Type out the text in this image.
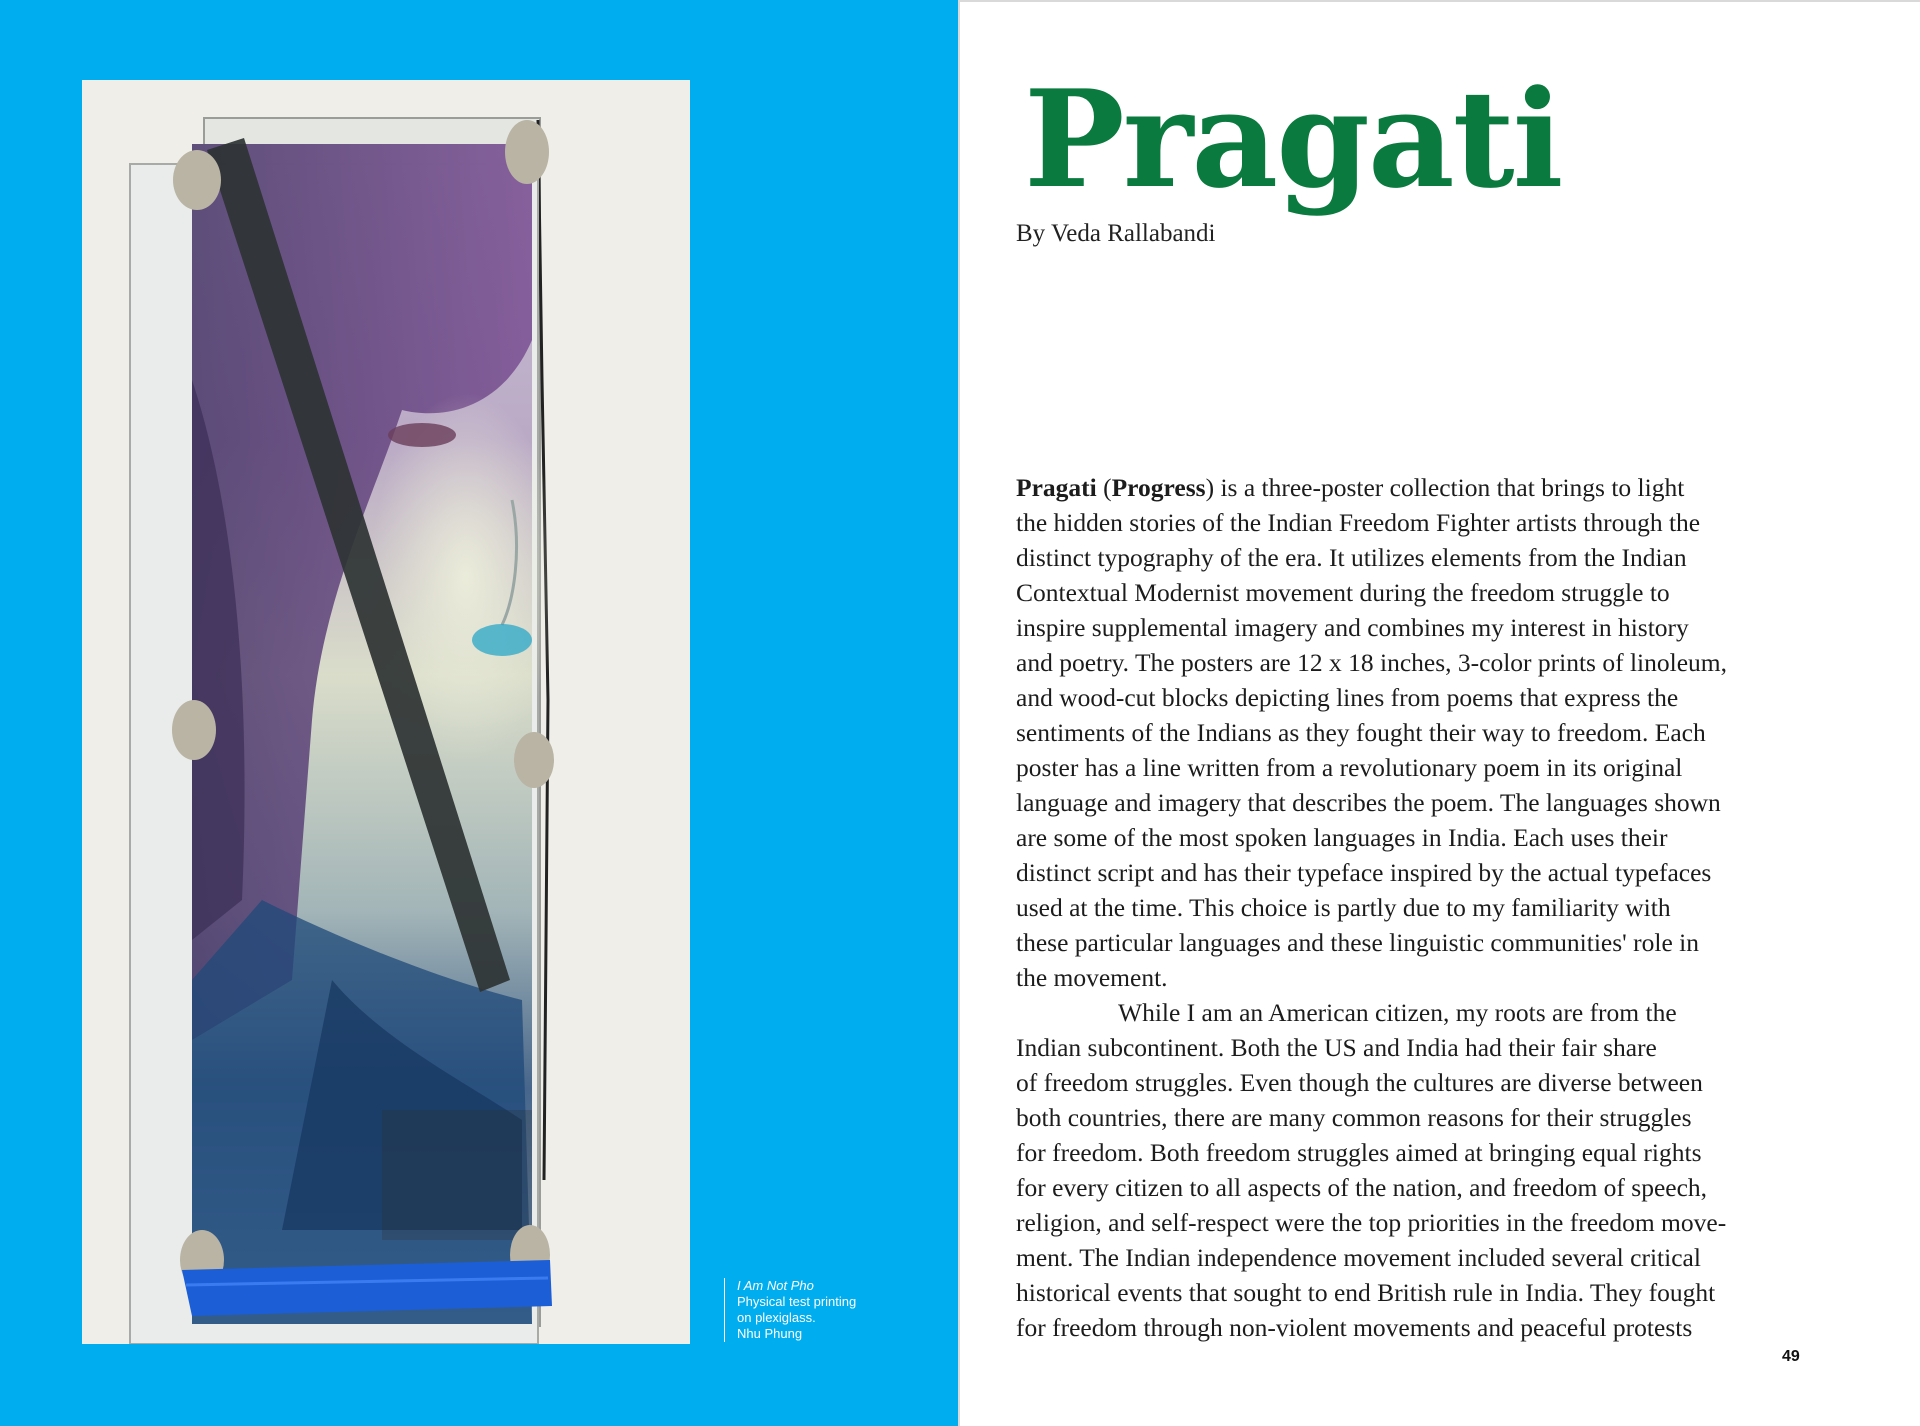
I Am Not Pho
Physical test printing
on plexiglass.
Nhu Phung
Pragati
By Veda Rallabandi

Pragati (Progress) is a three-poster collection that brings to light
the hidden stories of the Indian Freedom Fighter artists through the
distinct typography of the era. It utilizes elements from the Indian
Contextual Modernist movement during the freedom struggle to
inspire supplemental imagery and combines my interest in history
and poetry. The posters are 12 x 18 inches, 3-color prints of linoleum,
and wood-cut blocks depicting lines from poems that express the
sentiments of the Indians as they fought their way to freedom. Each
poster has a line written from a revolutionary poem in its original
language and imagery that describes the poem. The languages shown
are some of the most spoken languages in India. Each uses their
distinct script and has their typeface inspired by the actual typefaces
used at the time. This choice is partly due to my familiarity with
these particular languages and these linguistic communities' role in
the movement.

While I am an American citizen, my roots are from the
Indian subcontinent. Both the US and India had their fair share
of freedom struggles. Even though the cultures are diverse between
both countries, there are many common reasons for their struggles
for freedom. Both freedom struggles aimed at bringing equal rights
for every citizen to all aspects of the nation, and freedom of speech,
religion, and self-respect were the top priorities in the freedom move-
ment. The Indian independence movement included several critical
historical events that sought to end British rule in India. They fought
for freedom through non-violent movements and peaceful protests

49
